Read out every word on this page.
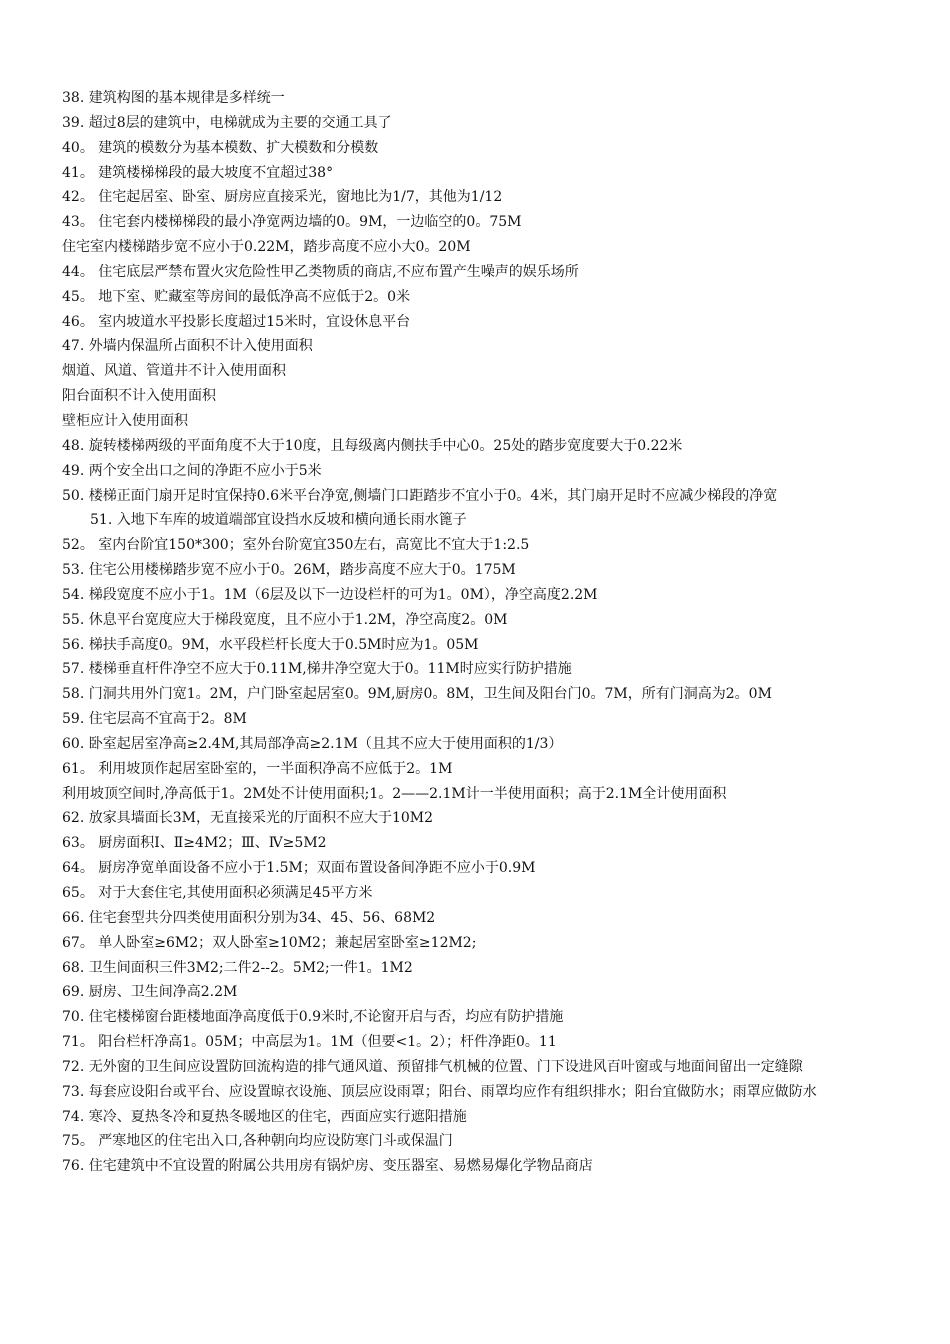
38. 建筑构图的基本规律是多样统一
39. 超过8层的建筑中，电梯就成为主要的交通工具了
40。 建筑的模数分为基本模数、扩大模数和分模数
41。 建筑楼梯梯段的最大坡度不宜超过38°
42。 住宅起居室、卧室、厨房应直接采光，窗地比为1/7，其他为1/12
43。 住宅套内楼梯梯段的最小净宽两边墙的0。9M，一边临空的0。75M
住宅室内楼梯踏步宽不应小于0.22M，踏步高度不应小大0。20M
44。 住宅底层严禁布置火灾危险性甲乙类物质的商店,不应布置产生噪声的娱乐场所
45。 地下室、贮藏室等房间的最低净高不应低于2。0米
46。 室内坡道水平投影长度超过15米时，宜设休息平台
47. 外墙内保温所占面积不计入使用面积
烟道、风道、管道井不计入使用面积
阳台面积不计入使用面积
壁柜应计入使用面积
48. 旋转楼梯两级的平面角度不大于10度，且每级离内侧扶手中心0。25处的踏步宽度要大于0.22米
49. 两个安全出口之间的净距不应小于5米
50. 楼梯正面门扇开足时宜保持0.6米平台净宽,侧墙门口距踏步不宜小于0。4米，其门扇开足时不应减少梯段的净宽
51. 入地下车库的坡道端部宜设挡水反坡和横向通长雨水篦子
52。 室内台阶宜150*300；室外台阶宽宜350左右，高宽比不宜大于1:2.5
53. 住宅公用楼梯踏步宽不应小于0。26M，踏步高度不应大于0。175M
54. 梯段宽度不应小于1。1M（6层及以下一边设栏杆的可为1。0M），净空高度2.2M
55. 休息平台宽度应大于梯段宽度，且不应小于1.2M，净空高度2。0M
56. 梯扶手高度0。9M，水平段栏杆长度大于0.5M时应为1。05M
57. 楼梯垂直杆件净空不应大于0.11M,梯井净空宽大于0。11M时应实行防护措施
58. 门洞共用外门宽1。2M，户门卧室起居室0。9M,厨房0。8M，卫生间及阳台门0。7M，所有门洞高为2。0M
59. 住宅层高不宜高于2。8M
60. 卧室起居室净高≥2.4M,其局部净高≥2.1M（且其不应大于使用面积的1/3）
61。 利用坡顶作起居室卧室的，一半面积净高不应低于2。1M
利用坡顶空间时,净高低于1。2M处不计使用面积;1。2——2.1M计一半使用面积；高于2.1M全计使用面积
62. 放家具墙面长3M，无直接采光的厅面积不应大于10M2
63。 厨房面积Ⅰ、Ⅱ≥4M2；Ⅲ、Ⅳ≥5M2
64。 厨房净宽单面设备不应小于1.5M；双面布置设备间净距不应小于0.9M
65。 对于大套住宅,其使用面积必须满足45平方米
66. 住宅套型共分四类使用面积分别为34、45、56、68M2
67。 单人卧室≥6M2；双人卧室≥10M2；兼起居室卧室≥12M2;
68. 卫生间面积三件3M2;二件2--2。5M2;一件1。1M2
69. 厨房、卫生间净高2.2M
70. 住宅楼梯窗台距楼地面净高度低于0.9米时,不论窗开启与否，均应有防护措施
71。 阳台栏杆净高1。05M；中高层为1。1M（但要<1。2）；杆件净距0。11
72. 无外窗的卫生间应设置防回流构造的排气通风道、预留排气机械的位置、门下设进风百叶窗或与地面间留出一定缝隙
73. 每套应设阳台或平台、应设置晾衣设施、顶层应设雨罩；阳台、雨罩均应作有组织排水；阳台宜做防水；雨罩应做防水
74. 寒冷、夏热冬冷和夏热冬暖地区的住宅，西面应实行遮阳措施
75。 严寒地区的住宅出入口,各种朝向均应设防寒门斗或保温门
76. 住宅建筑中不宜设置的附属公共用房有锅炉房、变压器室、易燃易爆化学物品商店
